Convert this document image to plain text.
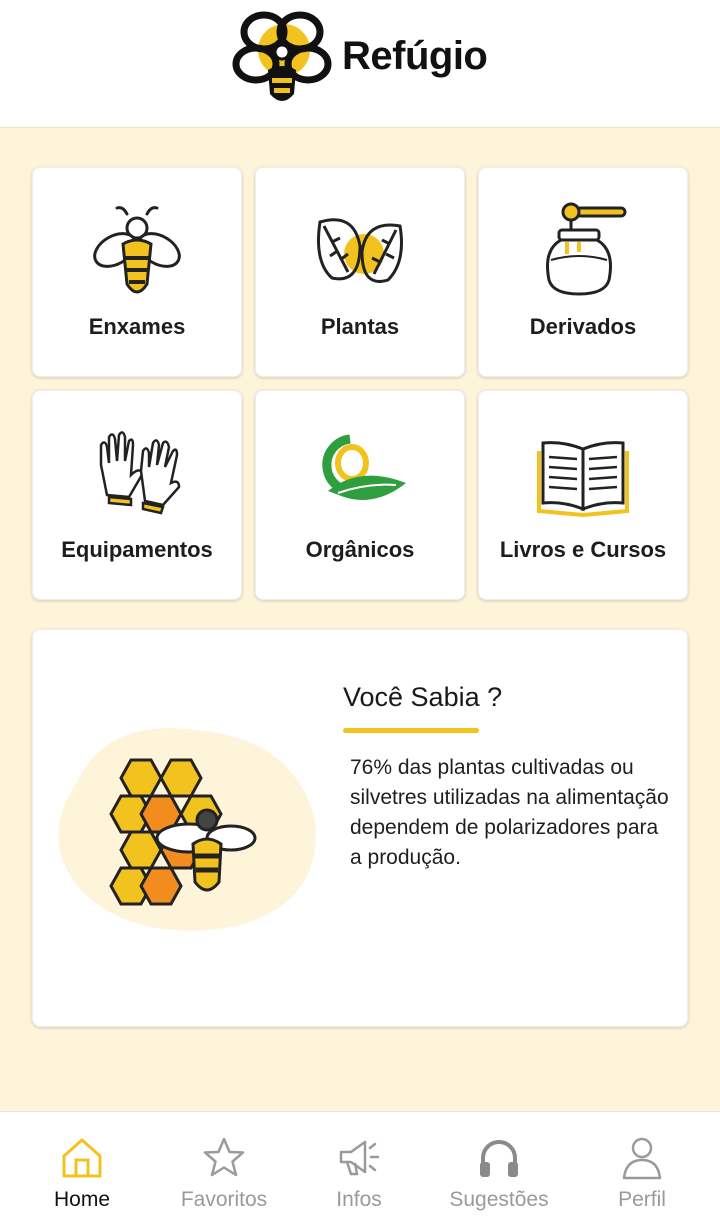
Refúgio
Enxames	Plantas	Derivados
Equipamentos	Orgânicos	Livros e Cursos
Você Sabia ?
76% das plantas cultivadas ou silvetres utilizadas na alimentação dependem de polarizadores para a produção.
Home	Favoritos	Infos	Sugestões	Perfil
